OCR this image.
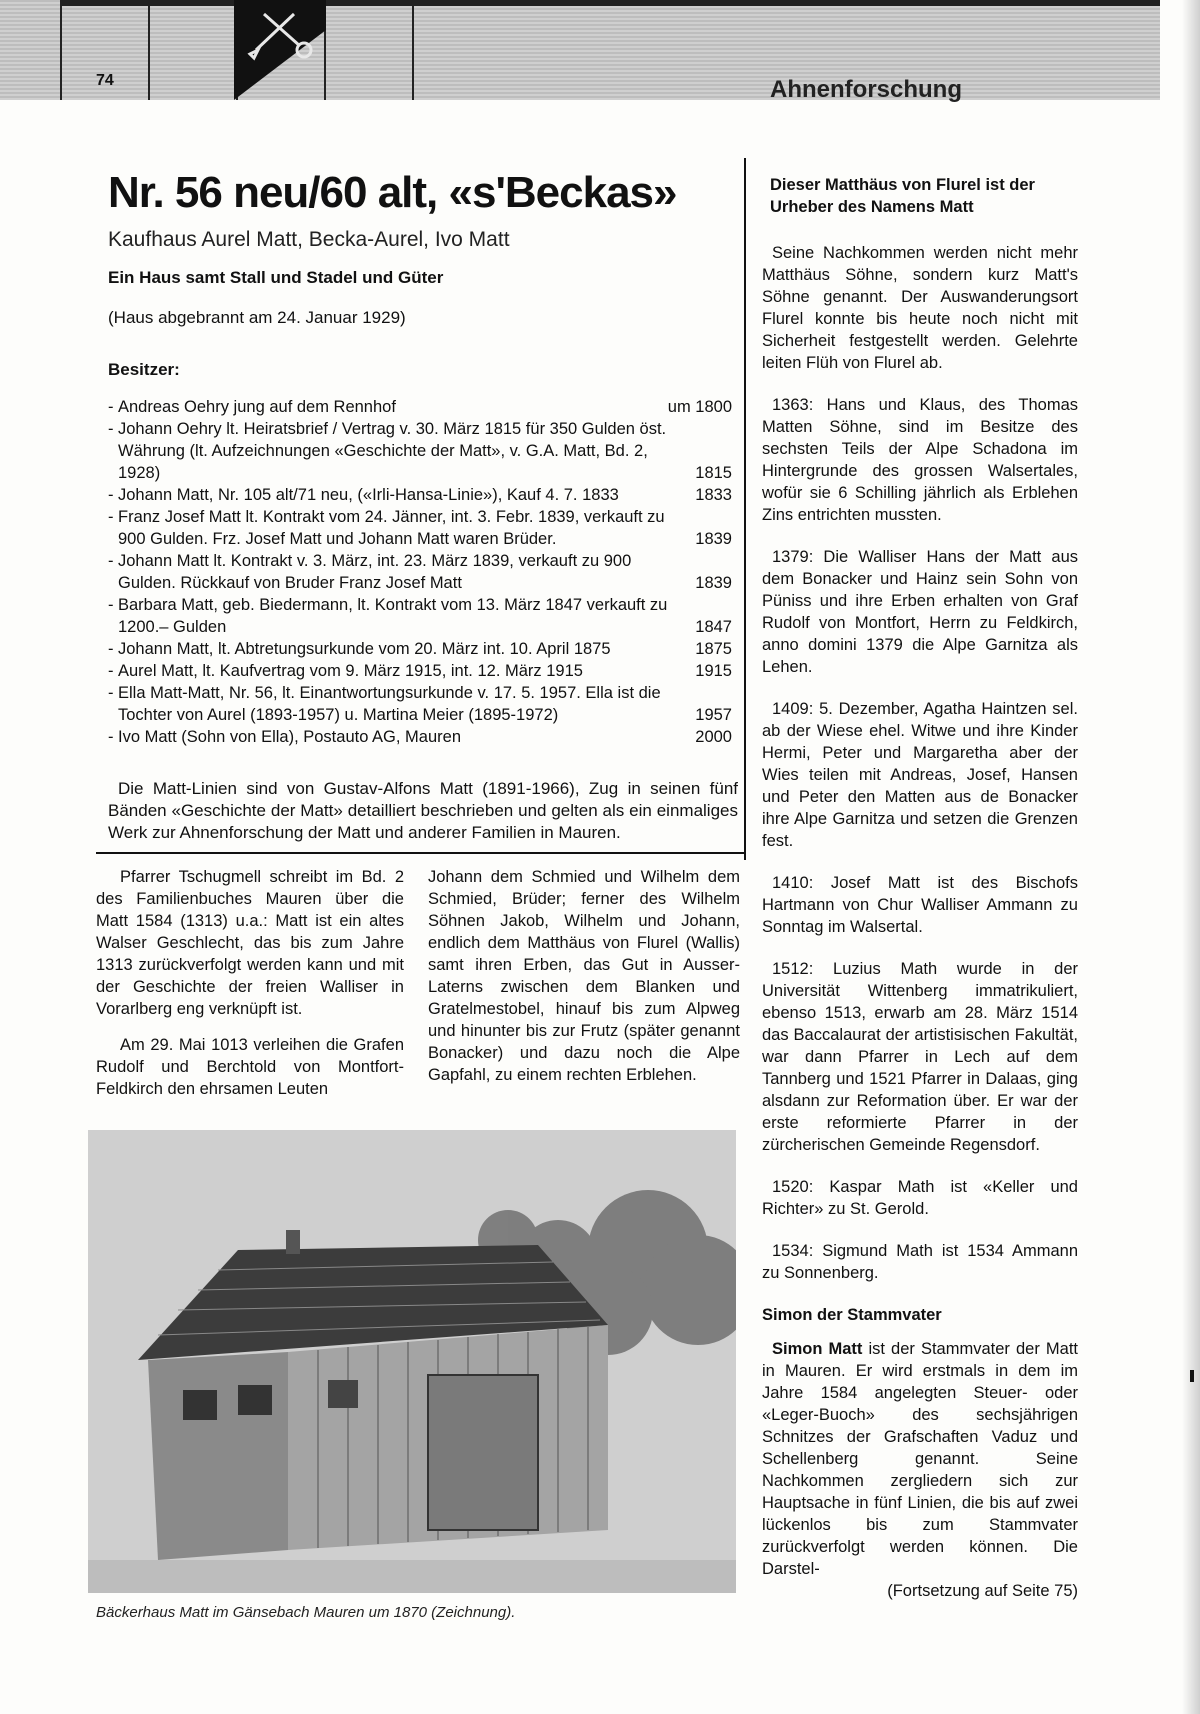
74	Ahnenforschung
Nr. 56 neu/60 alt, «s'Beckas»
Kaufhaus Aurel Matt, Becka-Aurel, Ivo Matt
Ein Haus samt Stall und Stadel und Güter
(Haus abgebrannt am 24. Januar 1929)
Besitzer:
- Andreas Oehry jung auf dem Rennhof	um 1800
- Johann Oehry lt. Heiratsbrief / Vertrag v. 30. März 1815 für 350 Gulden öst. Währung (lt. Aufzeichnungen «Geschichte der Matt», v. G.A. Matt, Bd. 2, 1928)	1815
- Johann Matt, Nr. 105 alt/71 neu, («Irli-Hansa-Linie»), Kauf 4. 7. 1833	1833
- Franz Josef Matt lt. Kontrakt vom 24. Jänner, int. 3. Febr. 1839, verkauft zu 900 Gulden. Frz. Josef Matt und Johann Matt waren Brüder.	1839
- Johann Matt lt. Kontrakt v. 3. März, int. 23. März 1839, verkauft zu 900 Gulden. Rückkauf von Bruder Franz Josef Matt	1839
- Barbara Matt, geb. Biedermann, lt. Kontrakt vom 13. März 1847 verkauft zu 1200.– Gulden	1847
- Johann Matt, lt. Abtretungsurkunde vom 20. März int. 10. April 1875	1875
- Aurel Matt, lt. Kaufvertrag vom 9. März 1915, int. 12. März 1915	1915
- Ella Matt-Matt, Nr. 56, lt. Einantwortungsurkunde v. 17. 5. 1957. Ella ist die Tochter von Aurel (1893-1957) u. Martina Meier (1895-1972)	1957
- Ivo Matt (Sohn von Ella), Postauto AG, Mauren	2000
Die Matt-Linien sind von Gustav-Alfons Matt (1891-1966), Zug in seinen fünf Bänden «Geschichte der Matt» detailliert beschrieben und gelten als ein einmaliges Werk zur Ahnenforschung der Matt und anderer Familien in Mauren.

Pfarrer Tschugmell schreibt im Bd. 2 des Familienbuches Mauren über die Matt 1584 (1313) u.a.: Matt ist ein altes Walser Geschlecht, das bis zum Jahre 1313 zurückverfolgt werden kann und mit der Geschichte der freien Walliser in Vorarlberg eng verknüpft ist.

Am 29. Mai 1013 verleihen die Grafen Rudolf und Berchtold von Montfort-Feldkirch den ehrsamen Leuten

Johann dem Schmied und Wilhelm dem Schmied, Brüder; ferner des Wilhelm Söhnen Jakob, Wilhelm und Johann, endlich dem Matthäus von Flurel (Wallis) samt ihren Erben, das Gut in Ausser-Laterns zwischen dem Blanken und Gratelmestobel, hinauf bis zum Alpweg und hinunter bis zur Frutz (später genannt Bonacker) und dazu noch die Alpe Gapfahl, zu einem rechten Erblehen.

Bäckerhaus Matt im Gänsebach Mauren um 1870 (Zeichnung).
Dieser Matthäus von Flurel ist der Urheber des Namens Matt

Seine Nachkommen werden nicht mehr Matthäus Söhne, sondern kurz Matt's Söhne genannt. Der Auswanderungsort Flurel konnte bis heute noch nicht mit Sicherheit festgestellt werden. Gelehrte leiten Flüh von Flurel ab.

1363: Hans und Klaus, des Thomas Matten Söhne, sind im Besitze des sechsten Teils der Alpe Schadona im Hintergrunde des grossen Walsertales, wofür sie 6 Schilling jährlich als Erblehen Zins entrichten mussten.

1379: Die Walliser Hans der Matt aus dem Bonacker und Hainz sein Sohn von Püniss und ihre Erben erhalten von Graf Rudolf von Montfort, Herrn zu Feldkirch, anno domini 1379 die Alpe Garnitza als Lehen.

1409: 5. Dezember, Agatha Haintzen sel. ab der Wiese ehel. Witwe und ihre Kinder Hermi, Peter und Margaretha aber der Wies teilen mit Andreas, Josef, Hansen und Peter den Matten aus de Bonacker ihre Alpe Garnitza und setzen die Grenzen fest.

1410: Josef Matt ist des Bischofs Hartmann von Chur Walliser Ammann zu Sonntag im Walsertal.

1512: Luzius Math wurde in der Universität Wittenberg immatrikuliert, ebenso 1513, erwarb am 28. März 1514 das Baccalaurat der artistisischen Fakultät, war dann Pfarrer in Lech auf dem Tannberg und 1521 Pfarrer in Dalaas, ging alsdann zur Reformation über. Er war der erste reformierte Pfarrer in der zürcherischen Gemeinde Regensdorf.

1520: Kaspar Math ist «Keller und Richter» zu St. Gerold.

1534: Sigmund Math ist 1534 Ammann zu Sonnenberg.

Simon der Stammvater

Simon Matt ist der Stammvater der Matt in Mauren. Er wird erstmals in dem im Jahre 1584 angelegten Steuer- oder «Leger-Buoch» des sechsjährigen Schnitzes der Grafschaften Vaduz und Schellenberg genannt. Seine Nachkommen zergliedern sich zur Hauptsache in fünf Linien, die bis auf zwei lückenlos bis zum Stammvater zurückverfolgt werden können. Die Darstel-

(Fortsetzung auf Seite 75)
